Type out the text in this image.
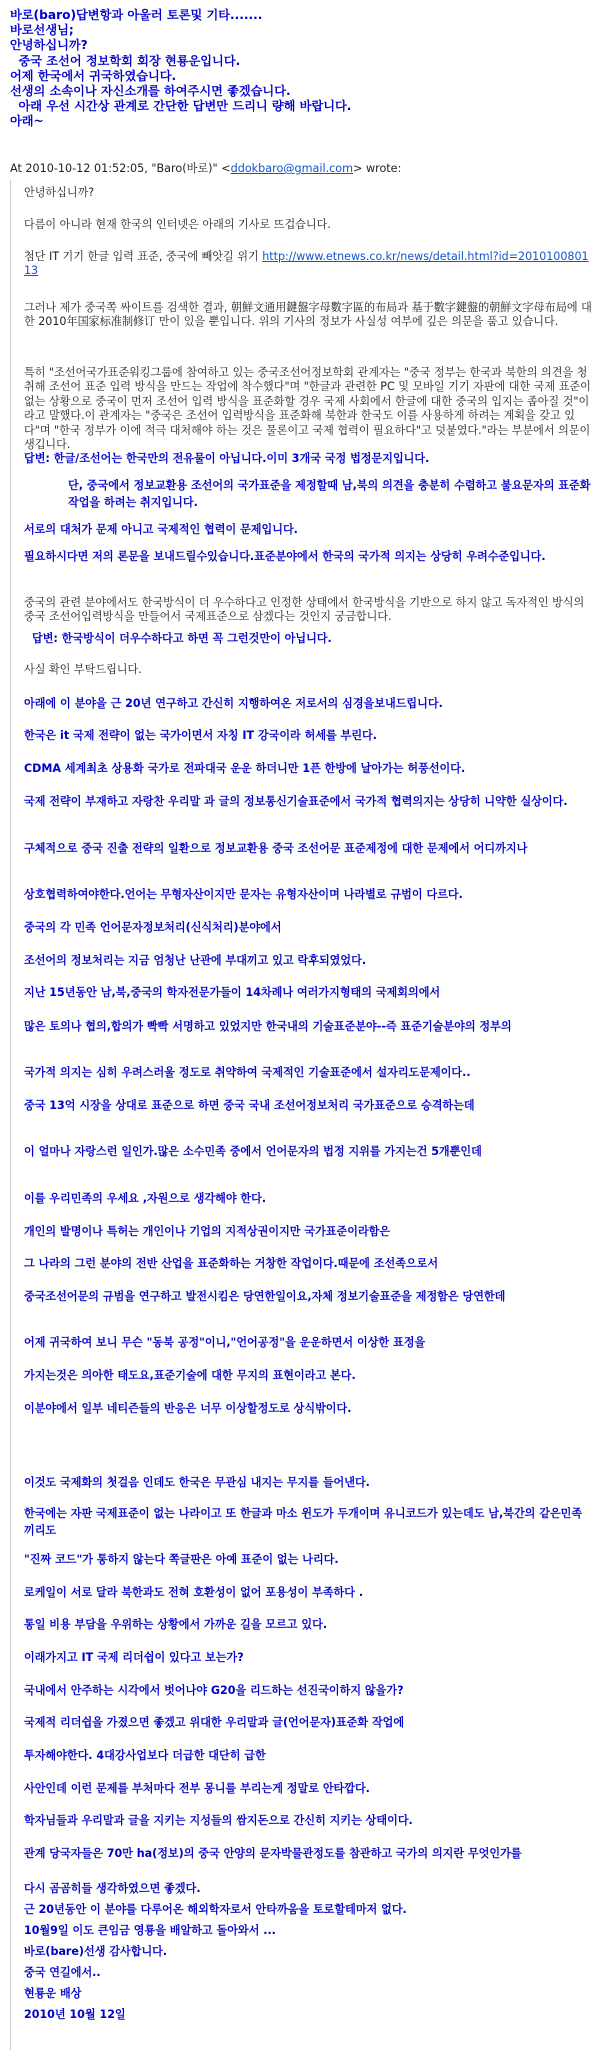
바로(baro)답변항과 아울러 토론및 기타.......
바로선생님;
안녕하십니까?
중국 조선어 정보학회 회장 현룡운입니다.
어제 한국에서 귀국하였습니다.
선생의 소속이나 자신소개를 하여주시면 좋겠습니다.
아래 우선 시간상 관계로 간단한 답변만 드리니 량해 바랍니다.
아래~
At 2010-10-12 01:52:05, "Baro(바로)" <ddokbaro@gmail.com> wrote:
안녕하십니까?
다름이 아니라 현재 한국의 인터넷은 아래의 기사로 뜨겁습니다.
첨단 IT 기기 한글 입력 표준, 중국에 빼앗길 위기 http://www.etnews.co.kr/news/detail.html?id=201010080113
그러나 제가 중국쪽 싸이트를 검색한 결과, 朝鮮文通用鍵盤字母數字區的布局과 基于數字鍵盤的朝鮮文字母布局에 대한 2010年国家标准制修订 만이 있을 뿐입니다. 위의 기사의 정보가 사실성 여부에 깊은 의문을 품고 있습니다.
특히 "조선어국가표준워킹그룹에 참여하고 있는 중국조선어정보학회 관계자는 "중국 정부는 한국과 북한의 의견을 청취해 조선어 표준 입력 방식을 만드는 작업에 착수했다"며 "한글과 관련한 PC 및 모바일 기기 자판에 대한 국제 표준이 없는 상황으로 중국이 먼저 조선어 입력 방식을 표준화할 경우 국제 사회에서 한글에 대한 중국의 입지는 좁아질 것"이라고 말했다.이 관계자는 "중국은 조선어 입력방식을 표준화해 북한과 한국도 이를 사용하게 하려는 계획을 갖고 있다"며 "한국 정부가 이에 적극 대처해야 하는 것은 물론이고 국제 협력이 필요하다"고 덧붙였다."라는 부분에서 의문이 생깁니다.
답변: 한글/조선어는 한국만의 전유물이 아닙니다.이미 3개국 국정 법정문지입니다.
단, 중국에서 정보교환용 조선어의 국가표준을 제정할때 남,북의 의견을 충분히 수렴하고 불요문자의 표준화 작업을 하려는 취지입니다.
서로의 대처가 문제 아니고 국제적인 협력이 문제입니다.
필요하시다면 저의 론문을 보내드릴수있습니다.표준분야에서 한국의 국가적 의지는 상당히 우려수준입니다.
중국의 관련 분야에서도 한국방식이 더 우수하다고 인정한 상태에서 한국방식을 기반으로 하지 않고 독자적인 방식의 중국 조선어입력방식을 만들어서 국제표준으로 삼겠다는 것인지 궁금합니다.
답변: 한국방식이 더우수하다고 하면 꼭 그런것만이 아닙니다.
사실 확인 부탁드립니다.
아래에 이 분야을 근 20년 연구하고 간신히 지행하여온 저로서의 심경을보내드립니다.
한국은 it 국제 전략이 없는 국가이면서 자칭 IT 강국이라 허세를 부린다.
CDMA 세계최초 상용화 국가로 전파대국 운운 하더니만 1픈 한방에 날아가는 허풍선이다.
국제 전략이 부재하고 자랑찬 우리말 과 글의 정보통신기술표준에서 국가적 협력의지는 상당히 니약한 실상이다.
구체적으로 중국 진출 전략의 일환으로 정보교환용 중국 조선어문 표준제정에 대한 문제에서 어디까지나
상호협력하여야한다.언어는 무형자산이지만 문자는 유형자산이며 나라별로 규범이 다르다.
중국의 각 민족 언어문자정보처리(신식처리)분야에서
조선어의 정보처리는 지금 엄청난 난관에 부대끼고 있고 락후되였었다.
지난 15년동안 남,북,중국의 학자전문가들이 14차례나 여러가지형태의 국제회의에서
많은 토의나 협의,합의가 빡빡 서명하고 있었지만 한국내의 기술표준분야--즉 표준기술분야의 정부의
국가적 의지는 심히 우려스러울 정도로 취약하여 국제적인 기술표준에서 설자리도문제이다..
중국 13억 시장을 상대로 표준으로 하면 중국 국내 조선어정보처리 국가표준으로 승격하는데
이 얼마나 자랑스런 일인가.많은 소수민족 중에서 언어문자의 법정 지위를 가지는건 5개뿐인데
이를 우리민족의 우세요 ,자원으로 생각해야 한다.
개인의 발명이나 특허는 개인이나 기업의 지적상권이지만 국가표준이라함은
그 나라의 그런 분야의 전반 산업을 표준화하는 거창한 작업이다.때문에 조선족으로서
중국조선어문의 규범을 연구하고 발전시킴은 당연한일이요,자체 정보기술표준을 제정함은 당연한데
어제 귀국하여 보니 무슨 "동북 공정"이니,"언어공정"을 운운하면서 이상한 표정을
가지는것은 의아한 태도요,표준기술에 대한 무지의 표현이라고 본다.
이분야에서 일부 네티즌들의 반응은 너무 이상할정도로 상식밖이다.
이것도 국제화의 첫걸음 인데도 한국은 무관심 내지는 무지를 들어낸다.
한국에는 자판 국제표준이 없는 나라이고 또 한글과 마소 윈도가 두개이며 유니코드가 있는데도 남,북간의 같은민족끼리도
"진짜 코드"가 통하지 않는다 쪽글판은 아예 표준이 없는 나리다.
로케일이 서로 달라 북한과도 전혀 호환성이 없어 포용성이 부족하다 .
통일 비용 부담을 우위하는 상황에서 가까운 길을 모르고 있다.
이래가지고 IT 국제 리더쉽이 있다고 보는가?
국내에서 안주하는 시각에서 벗어나야 G20을 리드하는 선진국이하지 않을가?
국제적 리더쉽을 가졌으면 좋겠고 위대한 우리말과 글(언어문자)표준화 작업에
투자해야한다. 4대강사업보다 더급한 대단히 급한
사안인데 이런 문제를 부처마다 전부 몽니를 부리는게 정말로 안타깝다.
학자님들과 우리말과 글을 지키는 지성들의 쌈지돈으로 간신히 지키는 상태이다.
관계 당국자들은 70만 ha(정보)의 중국 안양의 문자박물관정도를 참관하고 국가의 의지란 무엇인가를
다시 곰곰히들 생각하였으면 좋겠다.
근 20년동안 이 분야를 다루어온 해외학자로서 안타까움을 토로할테마저 없다.
10월9일 이도 큰임금 영룡을 배알하고 돌아와서 ...
바로(bare)선생 감사합니다.
중국 연길에서..
현룡운 배상
2010년 10월 12일
